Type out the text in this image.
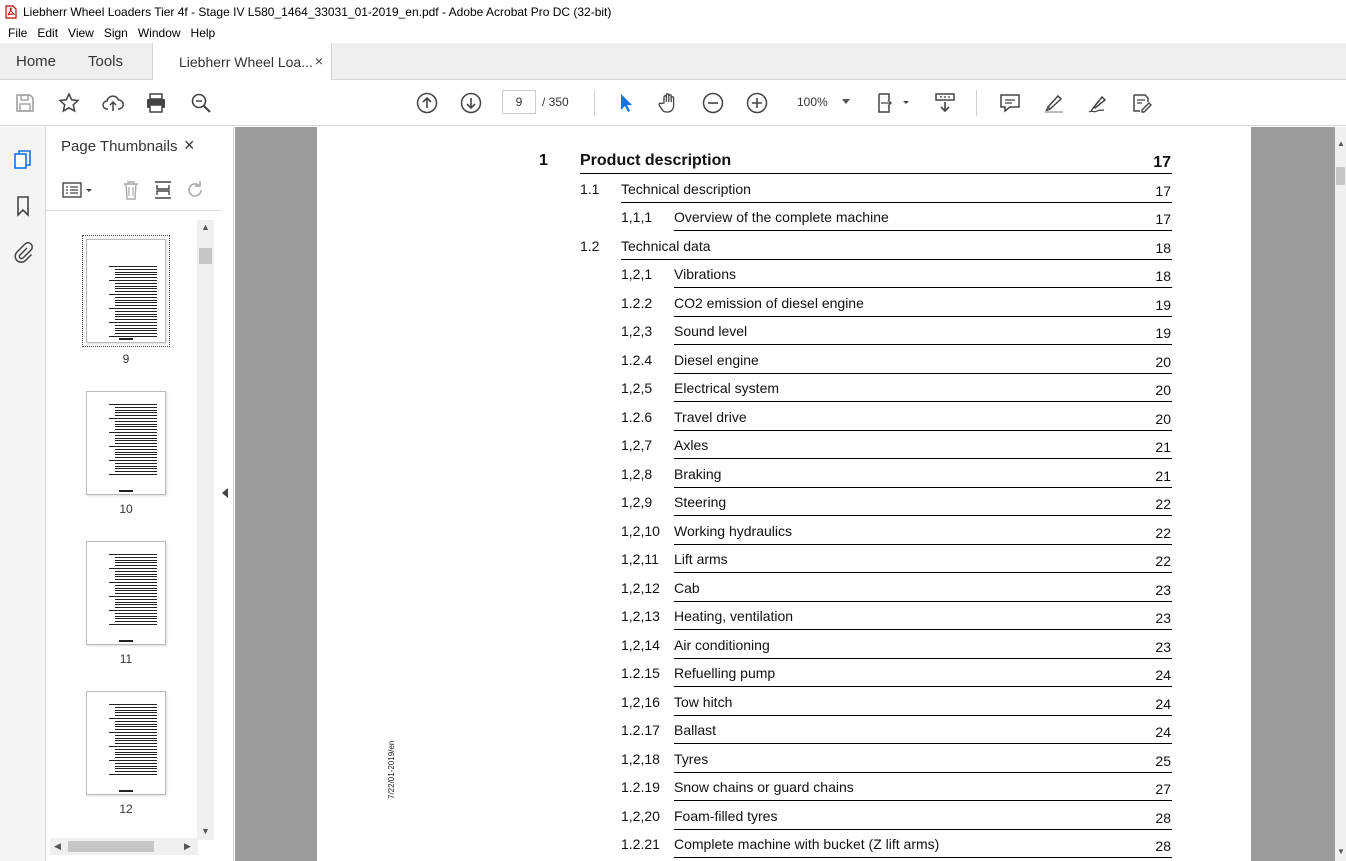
Liebherr Wheel Loaders Tier 4f - Stage IV L580_1464_33031_01-2019_en.pdf - Adobe Acrobat Pro DC (32-bit)
File Edit View Sign Window Help
Home Tools	Liebherr Wheel Loa... ×
9
/ 350	100%
Page Thumbnails ×
9
10
11
12
▲
▼
◀	▶
1 Product description	17
1.1 Technical description	17
1,1,1 Overview of the complete machine	17
1.2 Technical data	18
1,2,1 Vibrations	18
1.2.2 CO2 emission of diesel engine	19
1,2,3 Sound level	19
1.2.4 Diesel engine	20
1,2,5 Electrical system	20
1.2.6 Travel drive	20
1,2,7 Axles	21
1,2,8 Braking	21
1,2,9 Steering	22
1,2,10 Working hydraulics	22
1,2,11 Lift arms	22
1,2,12 Cab	23
1,2,13 Heating, ventilation	23
1,2,14 Air conditioning	23
1.2.15 Refuelling pump	24
1,2,16 Tow hitch	24
1.2.17 Ballast	24
1,2,18 Tyres	25
1.2.19 Snow chains or guard chains	27
1,2,20 Foam-filled tyres	28
1.2.21 Complete machine with bucket (Z lift arms)	28
7/22/01-2019/en
▲
▼
